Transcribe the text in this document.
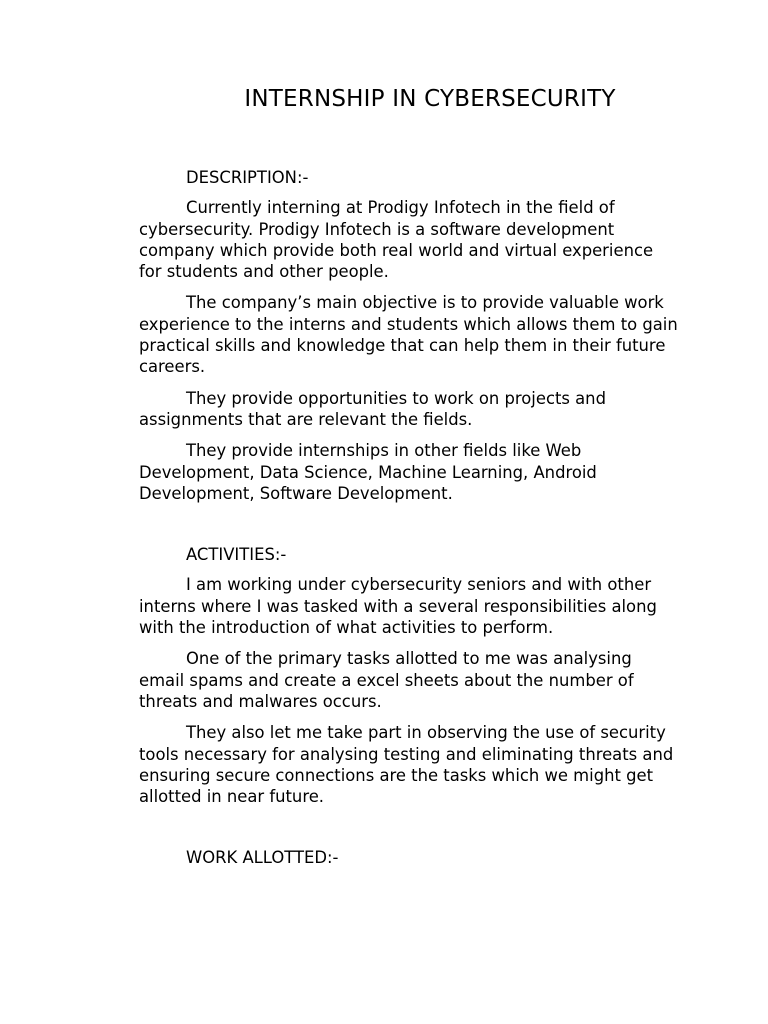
INTERNSHIP IN CYBERSECURITY

DESCRIPTION:-

Currently interning at Prodigy Infotech in the field of cybersecurity. Prodigy Infotech is a software development company which provide both real world and virtual experience for students and other people.

The company’s main objective is to provide valuable work experience to the interns and students which allows them to gain practical skills and knowledge that can help them in their future careers.

They provide opportunities to work on projects and assignments that are relevant the fields.

They provide internships in other fields like Web Development, Data Science, Machine Learning, Android Development, Software Development.

ACTIVITIES:-

I am working under cybersecurity seniors and with other interns where I was tasked with a several responsibilities along with the introduction of what activities to perform.

One of the primary tasks allotted to me was analysing email spams and create a excel sheets about the number of threats and malwares occurs.

They also let me take part in observing the use of security tools necessary for analysing testing and eliminating threats and ensuring secure connections are the tasks which we might get allotted in near future.

WORK ALLOTTED:-
